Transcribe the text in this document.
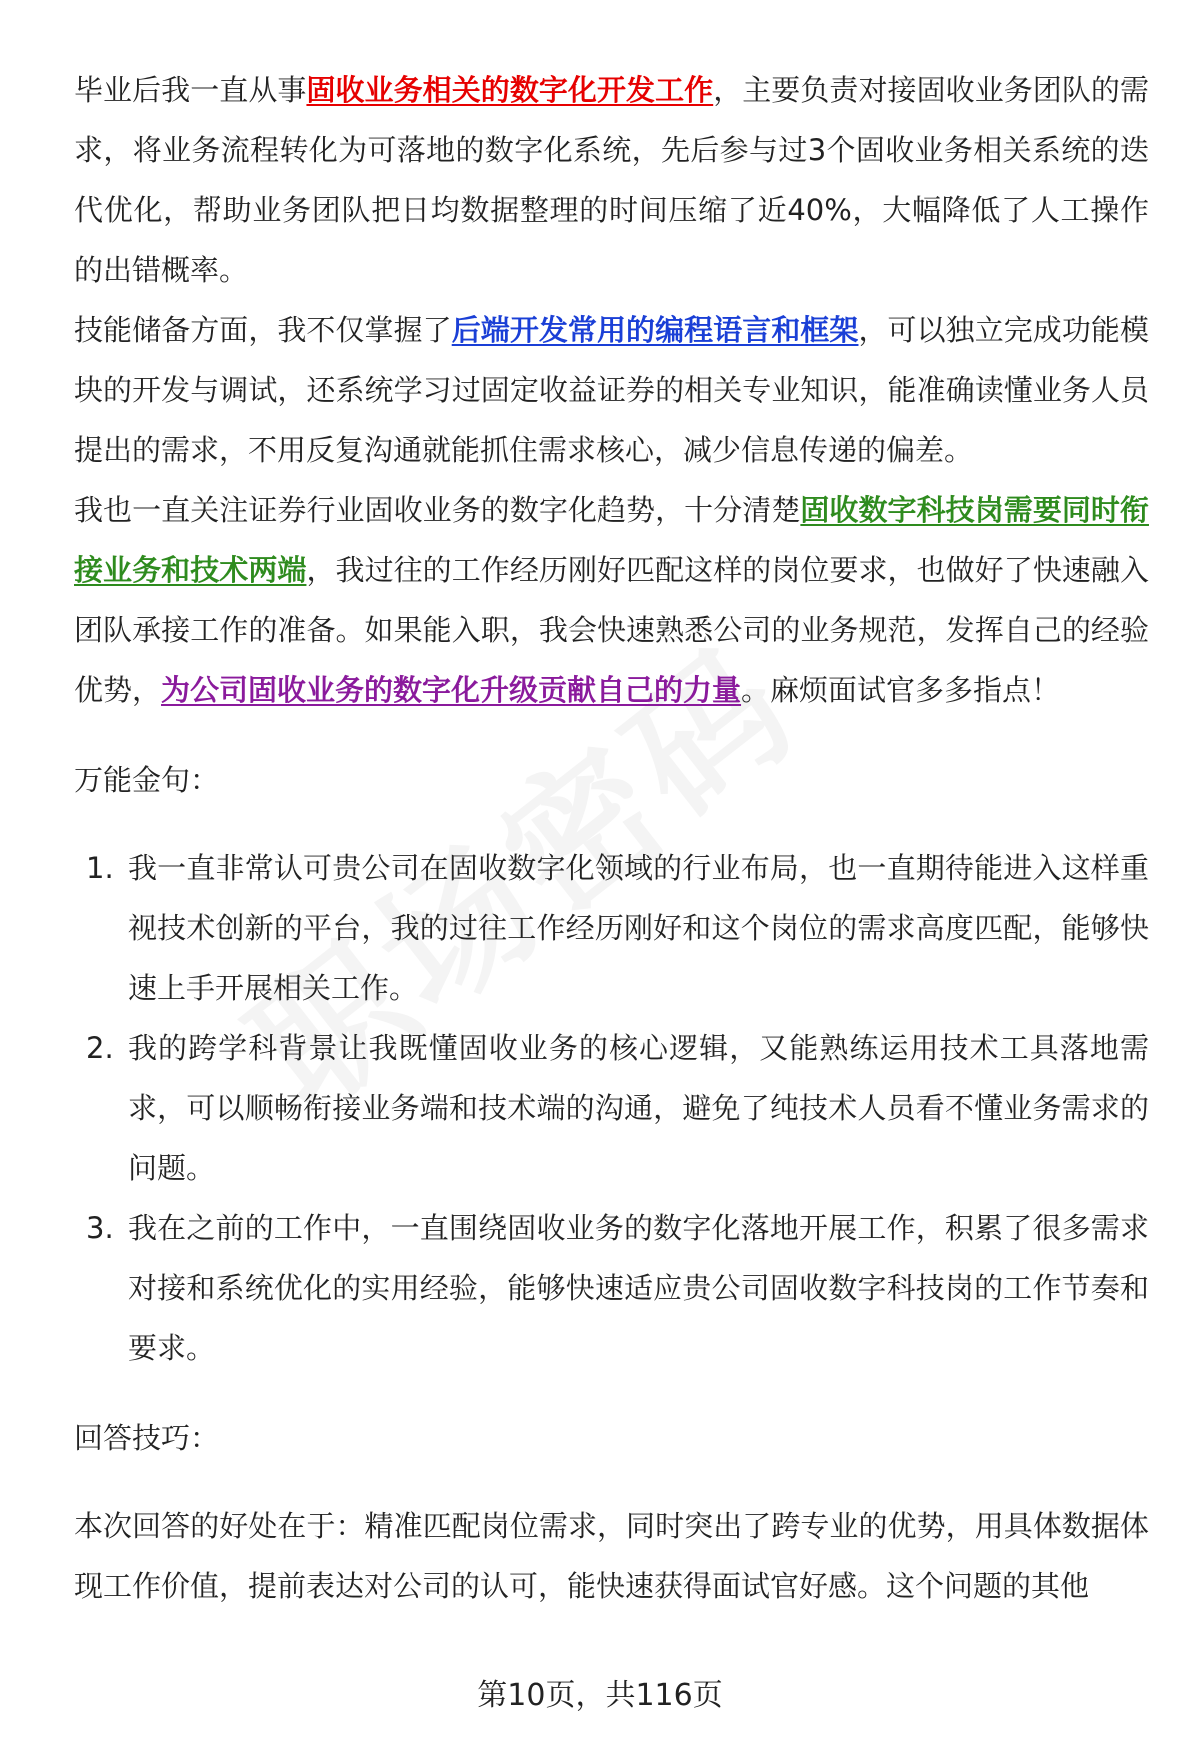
毕业后我一直从事固收业务相关的数字化开发工作，主要负责对接固收业务团队的需求，将业务流程转化为可落地的数字化系统，先后参与过3个固收业务相关系统的迭代优化，帮助业务团队把日均数据整理的时间压缩了近40%，大幅降低了人工操作的出错概率。

技能储备方面，我不仅掌握了后端开发常用的编程语言和框架，可以独立完成功能模块的开发与调试，还系统学习过固定收益证券的相关专业知识，能准确读懂业务人员提出的需求，不用反复沟通就能抓住需求核心，减少信息传递的偏差。

我也一直关注证券行业固收业务的数字化趋势，十分清楚固收数字科技岗需要同时衔接业务和技术两端，我过往的工作经历刚好匹配这样的岗位要求，也做好了快速融入团队承接工作的准备。如果能入职，我会快速熟悉公司的业务规范，发挥自己的经验优势，为公司固收业务的数字化升级贡献自己的力量。麻烦面试官多多指点！

万能金句：

1. 我一直非常认可贵公司在固收数字化领域的行业布局，也一直期待能进入这样重视技术创新的平台，我的过往工作经历刚好和这个岗位的需求高度匹配，能够快速上手开展相关工作。
2. 我的跨学科背景让我既懂固收业务的核心逻辑，又能熟练运用技术工具落地需求，可以顺畅衔接业务端和技术端的沟通，避免了纯技术人员看不懂业务需求的问题。
3. 我在之前的工作中，一直围绕固收业务的数字化落地开展工作，积累了很多需求对接和系统优化的实用经验，能够快速适应贵公司固收数字科技岗的工作节奏和要求。

回答技巧：

本次回答的好处在于：精准匹配岗位需求，同时突出了跨专业的优势，用具体数据体现工作价值，提前表达对公司的认可，能快速获得面试官好感。这个问题的其他

第10页，共116页
